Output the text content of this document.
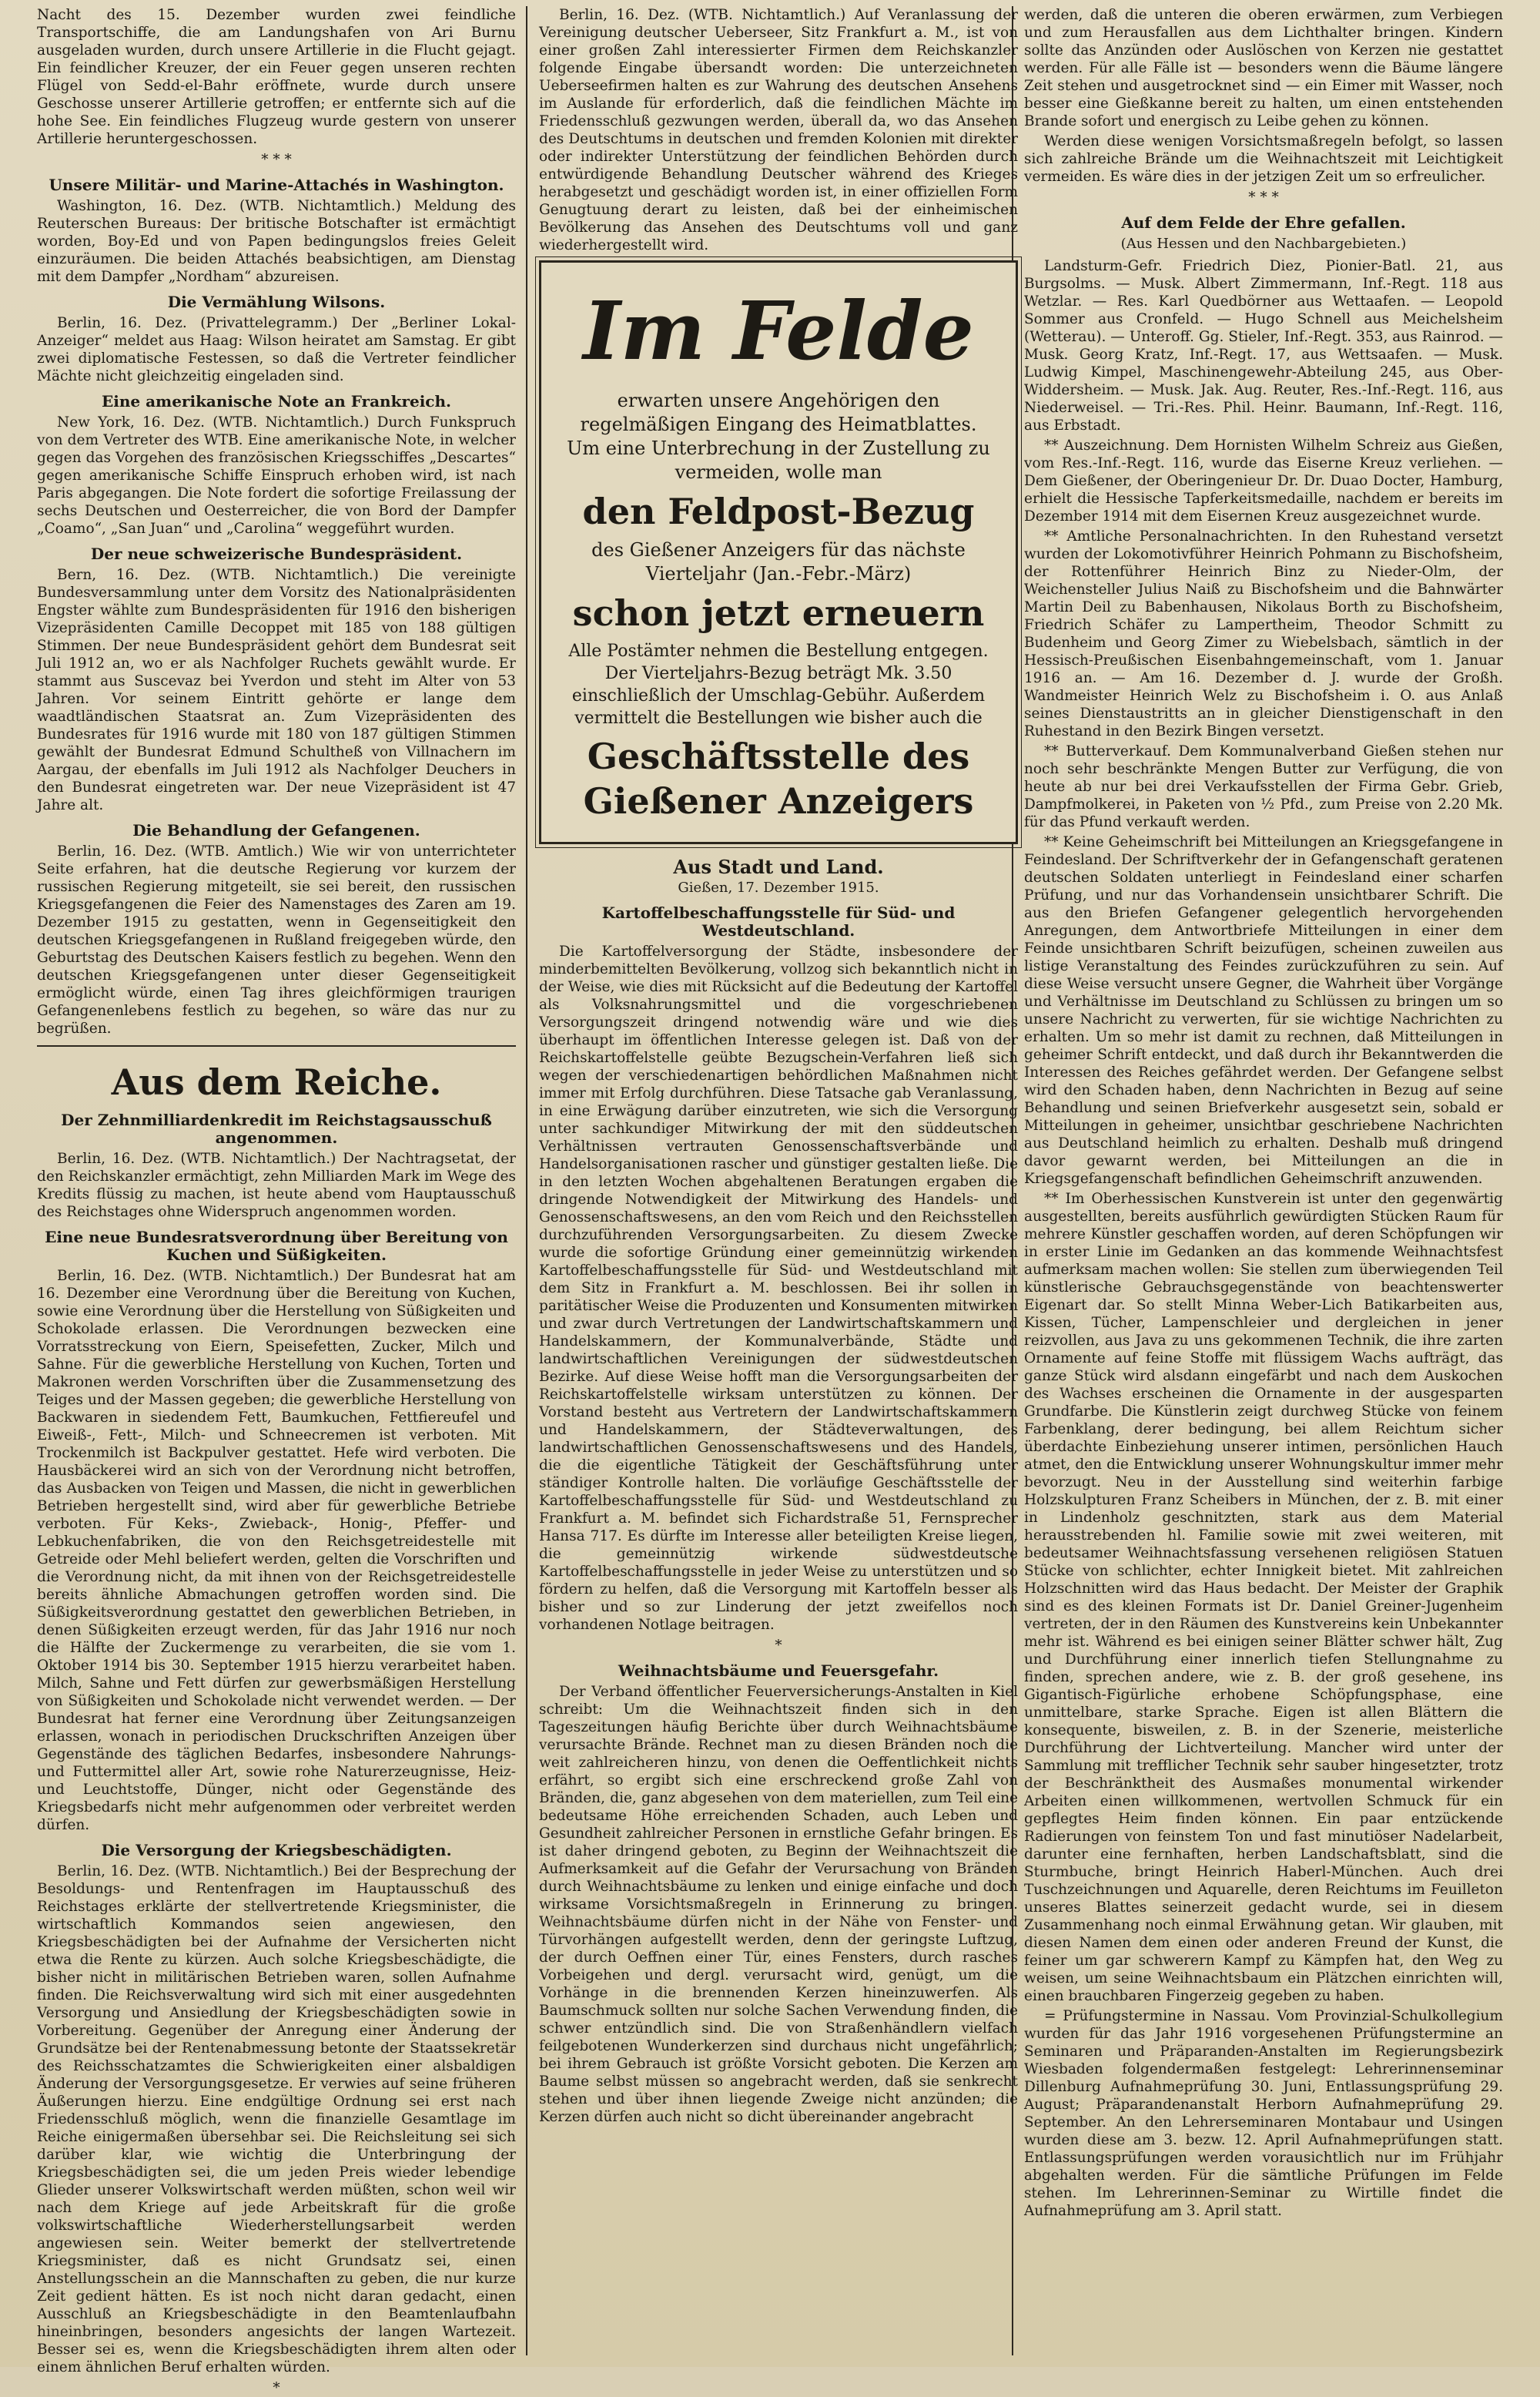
Nacht des 15. Dezember wurden zwei feindliche Transportschiffe, die am Landungshafen von Ari Burnu ausgeladen wurden, durch unsere Artillerie in die Flucht gejagt. Ein feindlicher Kreuzer, der ein Feuer gegen unseren rechten Flügel von Sedd-el-Bahr eröffnete, wurde durch unsere Geschosse unserer Artillerie getroffen; er entfernte sich auf die hohe See. Ein feindliches Flugzeug wurde gestern von unserer Artillerie heruntergeschossen.

* * *
Unsere Militär- und Marine-Attachés in Washington.

Washington, 16. Dez. (WTB. Nichtamtlich.) Meldung des Reuterschen Bureaus: Der britische Botschafter ist ermächtigt worden, Boy-Ed und von Papen bedingungslos freies Geleit einzuräumen. Die beiden Attachés beabsichtigen, am Dienstag mit dem Dampfer „Nordham“ abzureisen.

Die Vermählung Wilsons.

Berlin, 16. Dez. (Privattelegramm.) Der „Berliner Lokal-Anzeiger“ meldet aus Haag: Wilson heiratet am Samstag. Er gibt zwei diplomatische Festessen, so daß die Vertreter feindlicher Mächte nicht gleichzeitig eingeladen sind.

Eine amerikanische Note an Frankreich.

New York, 16. Dez. (WTB. Nichtamtlich.) Durch Funkspruch von dem Vertreter des WTB. Eine amerikanische Note, in welcher gegen das Vorgehen des französischen Kriegsschiffes „Descartes“ gegen amerikanische Schiffe Einspruch erhoben wird, ist nach Paris abgegangen. Die Note fordert die sofortige Freilassung der sechs Deutschen und Oesterreicher, die von Bord der Dampfer „Coamo“, „San Juan“ und „Carolina“ weggeführt wurden.

Der neue schweizerische Bundespräsident.

Bern, 16. Dez. (WTB. Nichtamtlich.) Die vereinigte Bundesversammlung unter dem Vorsitz des Nationalpräsidenten Engster wählte zum Bundespräsidenten für 1916 den bisherigen Vizepräsidenten Camille Decoppet mit 185 von 188 gültigen Stimmen. Der neue Bundespräsident gehört dem Bundesrat seit Juli 1912 an, wo er als Nachfolger Ruchets gewählt wurde. Er stammt aus Suscevaz bei Yverdon und steht im Alter von 53 Jahren. Vor seinem Eintritt gehörte er lange dem waadtländischen Staatsrat an. Zum Vizepräsidenten des Bundesrates für 1916 wurde mit 180 von 187 gültigen Stimmen gewählt der Bundesrat Edmund Schultheß von Villnachern im Aargau, der ebenfalls im Juli 1912 als Nachfolger Deuchers in den Bundesrat eingetreten war. Der neue Vizepräsident ist 47 Jahre alt.

Die Behandlung der Gefangenen.

Berlin, 16. Dez. (WTB. Amtlich.) Wie wir von unterrichteter Seite erfahren, hat die deutsche Regierung vor kurzem der russischen Regierung mitgeteilt, sie sei bereit, den russischen Kriegsgefangenen die Feier des Namenstages des Zaren am 19. Dezember 1915 zu gestatten, wenn in Gegenseitigkeit den deutschen Kriegsgefangenen in Rußland freigegeben würde, den Geburtstag des Deutschen Kaisers festlich zu begehen. Wenn den deutschen Kriegsgefangenen unter dieser Gegenseitigkeit ermöglicht würde, einen Tag ihres gleichförmigen traurigen Gefangenenlebens festlich zu begehen, so wäre das nur zu begrüßen.

Aus dem Reiche.
Der Zehnmilliardenkredit im Reichstagsausschuß angenommen.

Berlin, 16. Dez. (WTB. Nichtamtlich.) Der Nachtragsetat, der den Reichskanzler ermächtigt, zehn Milliarden Mark im Wege des Kredits flüssig zu machen, ist heute abend vom Hauptausschuß des Reichstages ohne Widerspruch angenommen worden.

Eine neue Bundesratsverordnung über Bereitung von Kuchen und Süßigkeiten.

Berlin, 16. Dez. (WTB. Nichtamtlich.) Der Bundesrat hat am 16. Dezember eine Verordnung über die Bereitung von Kuchen, sowie eine Verordnung über die Herstellung von Süßigkeiten und Schokolade erlassen. Die Verordnungen bezwecken eine Vorratsstreckung von Eiern, Speisefetten, Zucker, Milch und Sahne. Für die gewerbliche Herstellung von Kuchen, Torten und Makronen werden Vorschriften über die Zusammensetzung des Teiges und der Massen gegeben; die gewerbliche Herstellung von Backwaren in siedendem Fett, Baumkuchen, Fettfiereufel und Eiweiß-, Fett-, Milch- und Schneecremen ist verboten. Mit Trockenmilch ist Backpulver gestattet. Hefe wird verboten. Die Hausbäckerei wird an sich von der Verordnung nicht betroffen, das Ausbacken von Teigen und Massen, die nicht in gewerblichen Betrieben hergestellt sind, wird aber für gewerbliche Betriebe verboten. Für Keks-, Zwieback-, Honig-, Pfeffer- und Lebkuchenfabriken, die von den Reichsgetreidestelle mit Getreide oder Mehl beliefert werden, gelten die Vorschriften und die Verordnung nicht, da mit ihnen von der Reichsgetreidestelle bereits ähnliche Abmachungen getroffen worden sind. Die Süßigkeitsverordnung gestattet den gewerblichen Betrieben, in denen Süßigkeiten erzeugt werden, für das Jahr 1916 nur noch die Hälfte der Zuckermenge zu verarbeiten, die sie vom 1. Oktober 1914 bis 30. September 1915 hierzu verarbeitet haben. Milch, Sahne und Fett dürfen zur gewerbsmäßigen Herstellung von Süßigkeiten und Schokolade nicht verwendet werden. — Der Bundesrat hat ferner eine Verordnung über Zeitungsanzeigen erlassen, wonach in periodischen Druckschriften Anzeigen über Gegenstände des täglichen Bedarfes, insbesondere Nahrungs- und Futtermittel aller Art, sowie rohe Naturerzeugnisse, Heiz- und Leuchtstoffe, Dünger, nicht oder Gegenstände des Kriegsbedarfs nicht mehr aufgenommen oder verbreitet werden dürfen.

Die Versorgung der Kriegsbeschädigten.

Berlin, 16. Dez. (WTB. Nichtamtlich.) Bei der Besprechung der Besoldungs- und Rentenfragen im Hauptausschuß des Reichstages erklärte der stellvertretende Kriegsminister, die wirtschaftlich Kommandos seien angewiesen, den Kriegsbeschädigten bei der Aufnahme der Versicherten nicht etwa die Rente zu kürzen. Auch solche Kriegsbeschädigte, die bisher nicht in militärischen Betrieben waren, sollen Aufnahme finden. Die Reichsverwaltung wird sich mit einer ausgedehnten Versorgung und Ansiedlung der Kriegsbeschädigten sowie in Vorbereitung. Gegenüber der Anregung einer Änderung der Grundsätze bei der Rentenabmessung betonte der Staatssekretär des Reichsschatzamtes die Schwierigkeiten einer alsbaldigen Änderung der Versorgungsgesetze. Er verwies auf seine früheren Äußerungen hierzu. Eine endgültige Ordnung sei erst nach Friedensschluß möglich, wenn die finanzielle Gesamtlage im Reiche einigermaßen übersehbar sei. Die Reichsleitung sei sich darüber klar, wie wichtig die Unterbringung der Kriegsbeschädigten sei, die um jeden Preis wieder lebendige Glieder unserer Volkswirtschaft werden müßten, schon weil wir nach dem Kriege auf jede Arbeitskraft für die große volkswirtschaftliche Wiederherstellungsarbeit werden angewiesen sein. Weiter bemerkt der stellvertretende Kriegsminister, daß es nicht Grundsatz sei, einen Anstellungsschein an die Mannschaften zu geben, die nur kurze Zeit gedient hätten. Es ist noch nicht daran gedacht, einen Ausschluß an Kriegsbeschädigte in den Beamtenlaufbahn hineinbringen, besonders angesichts der langen Wartezeit. Besser sei es, wenn die Kriegsbeschädigten ihrem alten oder einem ähnlichen Beruf erhalten würden.

*

Berlin, 16. Dez. (WTB. Nichtamtlich.) Auf Veranlassung der Vereinigung deutscher Ueberseer, Sitz Frankfurt a. M., ist von einer großen Zahl interessierter Firmen dem Reichskanzler folgende Eingabe übersandt worden: Die unterzeichneten Ueberseefirmen halten es zur Wahrung des deutschen Ansehens im Auslande für erforderlich, daß die feindlichen Mächte im Friedensschluß gezwungen werden, überall da, wo das Ansehen des Deutschtums in deutschen und fremden Kolonien mit direkter oder indirekter Unterstützung der feindlichen Behörden durch entwürdigende Behandlung Deutscher während des Krieges herabgesetzt und geschädigt worden ist, in einer offiziellen Form Genugtuung derart zu leisten, daß bei der einheimischen Bevölkerung das Ansehen des Deutschtums voll und ganz wiederhergestellt wird.

Im Felde
erwarten unsere Angehörigen den regelmäßigen Eingang des Heimatblattes. Um eine Unterbrechung in der Zustellung zu vermeiden, wolle man
den Feldpost-Bezug
des Gießener Anzeigers für das nächste Vierteljahr (Jan.-Febr.-März)
schon jetzt erneuern
Alle Postämter nehmen die Bestellung entgegen. Der Vierteljahrs-Bezug beträgt Mk. 3.50 einschließlich der Umschlag-Gebühr. Außerdem vermittelt die Bestellungen wie bisher auch die
Geschäftsstelle des Gießener Anzeigers
Aus Stadt und Land.
Gießen, 17. Dezember 1915.
Kartoffelbeschaffungsstelle für Süd- und Westdeutschland.

Die Kartoffelversorgung der Städte, insbesondere der minderbemittelten Bevölkerung, vollzog sich bekanntlich nicht in der Weise, wie dies mit Rücksicht auf die Bedeutung der Kartoffel als Volksnahrungsmittel und die vorgeschriebenen Versorgungszeit dringend notwendig wäre und wie dies überhaupt im öffentlichen Interesse gelegen ist. Daß von der Reichskartoffelstelle geübte Bezugschein-Verfahren ließ sich wegen der verschiedenartigen behördlichen Maßnahmen nicht immer mit Erfolg durchführen. Diese Tatsache gab Veranlassung, in eine Erwägung darüber einzutreten, wie sich die Versorgung unter sachkundiger Mitwirkung der mit den süddeutschen Verhältnissen vertrauten Genossenschaftsverbände und Handelsorganisationen rascher und günstiger gestalten ließe. Die in den letzten Wochen abgehaltenen Beratungen ergaben die dringende Notwendigkeit der Mitwirkung des Handels- und Genossenschaftswesens, an den vom Reich und den Reichsstellen durchzuführenden Versorgungsarbeiten. Zu diesem Zwecke wurde die sofortige Gründung einer gemeinnützig wirkenden Kartoffelbeschaffungsstelle für Süd- und Westdeutschland mit dem Sitz in Frankfurt a. M. beschlossen. Bei ihr sollen in paritätischer Weise die Produzenten und Konsumenten mitwirken und zwar durch Vertretungen der Landwirtschaftskammern und Handelskammern, der Kommunalverbände, Städte und landwirtschaftlichen Vereinigungen der südwestdeutschen Bezirke. Auf diese Weise hofft man die Versorgungsarbeiten der Reichskartoffelstelle wirksam unterstützen zu können. Der Vorstand besteht aus Vertretern der Landwirtschaftskammern und Handelskammern, der Städteverwaltungen, des landwirtschaftlichen Genossenschaftswesens und des Handels, die die eigentliche Tätigkeit der Geschäftsführung unter ständiger Kontrolle halten. Die vorläufige Geschäftsstelle der Kartoffelbeschaffungsstelle für Süd- und Westdeutschland zu Frankfurt a. M. befindet sich Fichardstraße 51, Fernsprecher Hansa 717. Es dürfte im Interesse aller beteiligten Kreise liegen, die gemeinnützig wirkende südwestdeutsche Kartoffelbeschaffungsstelle in jeder Weise zu unterstützen und so fördern zu helfen, daß die Versorgung mit Kartoffeln besser als bisher und so zur Linderung der jetzt zweifellos noch vorhandenen Notlage beitragen.

*
Weihnachtsbäume und Feuersgefahr.

Der Verband öffentlicher Feuerversicherungs-Anstalten in Kiel schreibt: Um die Weihnachtszeit finden sich in den Tageszeitungen häufig Berichte über durch Weihnachtsbäume verursachte Brände. Rechnet man zu diesen Bränden noch die weit zahlreicheren hinzu, von denen die Oeffentlichkeit nichts erfährt, so ergibt sich eine erschreckend große Zahl von Bränden, die, ganz abgesehen von dem materiellen, zum Teil eine bedeutsame Höhe erreichenden Schaden, auch Leben und Gesundheit zahlreicher Personen in ernstliche Gefahr bringen. Es ist daher dringend geboten, zu Beginn der Weihnachtszeit die Aufmerksamkeit auf die Gefahr der Verursachung von Bränden durch Weihnachtsbäume zu lenken und einige einfache und doch wirksame Vorsichtsmaßregeln in Erinnerung zu bringen. Weihnachtsbäume dürfen nicht in der Nähe von Fenster- und Türvorhängen aufgestellt werden, denn der geringste Luftzug, der durch Oeffnen einer Tür, eines Fensters, durch rasches Vorbeigehen und dergl. verursacht wird, genügt, um die Vorhänge in die brennenden Kerzen hineinzuwerfen. Als Baumschmuck sollten nur solche Sachen Verwendung finden, die schwer entzündlich sind. Die von Straßenhändlern vielfach feilgebotenen Wunderkerzen sind durchaus nicht ungefährlich; bei ihrem Gebrauch ist größte Vorsicht geboten. Die Kerzen am Baume selbst müssen so angebracht werden, daß sie senkrecht stehen und über ihnen liegende Zweige nicht anzünden; die Kerzen dürfen auch nicht so dicht übereinander angebracht

werden, daß die unteren die oberen erwärmen, zum Verbiegen und zum Herausfallen aus dem Lichthalter bringen. Kindern sollte das Anzünden oder Auslöschen von Kerzen nie gestattet werden. Für alle Fälle ist — besonders wenn die Bäume längere Zeit stehen und ausgetrocknet sind — ein Eimer mit Wasser, noch besser eine Gießkanne bereit zu halten, um einen entstehenden Brande sofort und energisch zu Leibe gehen zu können.

Werden diese wenigen Vorsichtsmaßregeln befolgt, so lassen sich zahlreiche Brände um die Weihnachtszeit mit Leichtigkeit vermeiden. Es wäre dies in der jetzigen Zeit um so erfreulicher.

* * *
Auf dem Felde der Ehre gefallen.
(Aus Hessen und den Nachbargebieten.)

Landsturm-Gefr. Friedrich Diez, Pionier-Batl. 21, aus Burgsolms. — Musk. Albert Zimmermann, Inf.-Regt. 118 aus Wetzlar. — Res. Karl Quedbörner aus Wettaafen. — Leopold Sommer aus Cronfeld. — Hugo Schnell aus Meichelsheim (Wetterau). — Unteroff. Gg. Stieler, Inf.-Regt. 353, aus Rainrod. — Musk. Georg Kratz, Inf.-Regt. 17, aus Wettsaafen. — Musk. Ludwig Kimpel, Maschinengewehr-Abteilung 245, aus Ober-Widdersheim. — Musk. Jak. Aug. Reuter, Res.-Inf.-Regt. 116, aus Niederweisel. — Tri.-Res. Phil. Heinr. Baumann, Inf.-Regt. 116, aus Erbstadt.

** Auszeichnung. Dem Hornisten Wilhelm Schreiz aus Gießen, vom Res.-Inf.-Regt. 116, wurde das Eiserne Kreuz verliehen. — Dem Gießener, der Oberingenieur Dr. Dr. Duao Docter, Hamburg, erhielt die Hessische Tapferkeitsmedaille, nachdem er bereits im Dezember 1914 mit dem Eisernen Kreuz ausgezeichnet wurde.

** Amtliche Personalnachrichten. In den Ruhestand versetzt wurden der Lokomotivführer Heinrich Pohmann zu Bischofsheim, der Rottenführer Heinrich Binz zu Nieder-Olm, der Weichensteller Julius Naiß zu Bischofsheim und die Bahnwärter Martin Deil zu Babenhausen, Nikolaus Borth zu Bischofsheim, Friedrich Schäfer zu Lampertheim, Theodor Schmitt zu Budenheim und Georg Zimer zu Wiebelsbach, sämtlich in der Hessisch-Preußischen Eisenbahngemeinschaft, vom 1. Januar 1916 an. — Am 16. Dezember d. J. wurde der Großh. Wandmeister Heinrich Welz zu Bischofsheim i. O. aus Anlaß seines Dienstaustritts an in gleicher Dienstigenschaft in den Ruhestand in den Bezirk Bingen versetzt.

** Butterverkauf. Dem Kommunalverband Gießen stehen nur noch sehr beschränkte Mengen Butter zur Verfügung, die von heute ab nur bei drei Verkaufsstellen der Firma Gebr. Grieb, Dampfmolkerei, in Paketen von ½ Pfd., zum Preise von 2.20 Mk. für das Pfund verkauft werden.

** Keine Geheimschrift bei Mitteilungen an Kriegsgefangene in Feindesland. Der Schriftverkehr der in Gefangenschaft geratenen deutschen Soldaten unterliegt in Feindesland einer scharfen Prüfung, und nur das Vorhandensein unsichtbarer Schrift. Die aus den Briefen Gefangener gelegentlich hervorgehenden Anregungen, dem Antwortbriefe Mitteilungen in einer dem Feinde unsichtbaren Schrift beizufügen, scheinen zuweilen aus listige Veranstaltung des Feindes zurückzuführen zu sein. Auf diese Weise versucht unsere Gegner, die Wahrheit über Vorgänge und Verhältnisse im Deutschland zu Schlüssen zu bringen um so unsere Nachricht zu verwerten, für sie wichtige Nachrichten zu erhalten. Um so mehr ist damit zu rechnen, daß Mitteilungen in geheimer Schrift entdeckt, und daß durch ihr Bekanntwerden die Interessen des Reiches gefährdet werden. Der Gefangene selbst wird den Schaden haben, denn Nachrichten in Bezug auf seine Behandlung und seinen Briefverkehr ausgesetzt sein, sobald er Mitteilungen in geheimer, unsichtbar geschriebene Nachrichten aus Deutschland heimlich zu erhalten. Deshalb muß dringend davor gewarnt werden, bei Mitteilungen an die in Kriegsgefangenschaft befindlichen Geheimschrift anzuwenden.

** Im Oberhessischen Kunstverein ist unter den gegenwärtig ausgestellten, bereits ausführlich gewürdigten Stücken Raum für mehrere Künstler geschaffen worden, auf deren Schöpfungen wir in erster Linie im Gedanken an das kommende Weihnachtsfest aufmerksam machen wollen: Sie stellen zum überwiegenden Teil künstlerische Gebrauchsgegenstände von beachtenswerter Eigenart dar. So stellt Minna Weber-Lich Batikarbeiten aus, Kissen, Tücher, Lampenschleier und dergleichen in jener reizvollen, aus Java zu uns gekommenen Technik, die ihre zarten Ornamente auf feine Stoffe mit flüssigem Wachs aufträgt, das ganze Stück wird alsdann eingefärbt und nach dem Auskochen des Wachses erscheinen die Ornamente in der ausgesparten Grundfarbe. Die Künstlerin zeigt durchweg Stücke von feinem Farbenklang, derer bedingung, bei allem Reichtum sicher überdachte Einbeziehung unserer intimen, persönlichen Hauch atmet, den die Entwicklung unserer Wohnungskultur immer mehr bevorzugt. Neu in der Ausstellung sind weiterhin farbige Holzskulpturen Franz Scheibers in München, der z. B. mit einer in Lindenholz geschnitzten, stark aus dem Material herausstrebenden hl. Familie sowie mit zwei weiteren, mit bedeutsamer Weihnachtsfassung versehenen religiösen Statuen Stücke von schlichter, echter Innigkeit bietet. Mit zahlreichen Holzschnitten wird das Haus bedacht. Der Meister der Graphik sind es des kleinen Formats ist Dr. Daniel Greiner-Jugenheim vertreten, der in den Räumen des Kunstvereins kein Unbekannter mehr ist. Während es bei einigen seiner Blätter schwer hält, Zug und Durchführung einer innerlich tiefen Stellungnahme zu finden, sprechen andere, wie z. B. der groß gesehene, ins Gigantisch-Figürliche erhobene Schöpfungsphase, eine unmittelbare, starke Sprache. Eigen ist allen Blättern die konsequente, bisweilen, z. B. in der Szenerie, meisterliche Durchführung der Lichtverteilung. Mancher wird unter der Sammlung mit trefflicher Technik sehr sauber hingesetzter, trotz der Beschränktheit des Ausmaßes monumental wirkender Arbeiten einen willkommenen, wertvollen Schmuck für ein gepflegtes Heim finden können. Ein paar entzückende Radierungen von feinstem Ton und fast minutiöser Nadelarbeit, darunter eine fernhaften, herben Landschaftsblatt, sind die Sturmbuche, bringt Heinrich Haberl-München. Auch drei Tuschzeichnungen und Aquarelle, deren Reichtums im Feuilleton unseres Blattes seinerzeit gedacht wurde, sei in diesem Zusammenhang noch einmal Erwähnung getan. Wir glauben, mit diesen Namen dem einen oder anderen Freund der Kunst, die feiner um gar schwerern Kampf zu Kämpfen hat, den Weg zu weisen, um seine Weihnachtsbaum ein Plätzchen einrichten will, einen brauchbaren Fingerzeig gegeben zu haben.

= Prüfungstermine in Nassau. Vom Provinzial-Schulkollegium wurden für das Jahr 1916 vorgesehenen Prüfungstermine an Seminaren und Präparanden-Anstalten im Regierungsbezirk Wiesbaden folgendermaßen festgelegt: Lehrerinnenseminar Dillenburg Aufnahmeprüfung 30. Juni, Entlassungsprüfung 29. August; Präparandenanstalt Herborn Aufnahmeprüfung 29. September. An den Lehrerseminaren Montabaur und Usingen wurden diese am 3. bezw. 12. April Aufnahmeprüfungen statt. Entlassungsprüfungen werden vorausichtlich nur im Frühjahr abgehalten werden. Für die sämtliche Prüfungen im Felde stehen. Im Lehrerinnen-Seminar zu Wirtille findet die Aufnahmeprüfung am 3. April statt.
